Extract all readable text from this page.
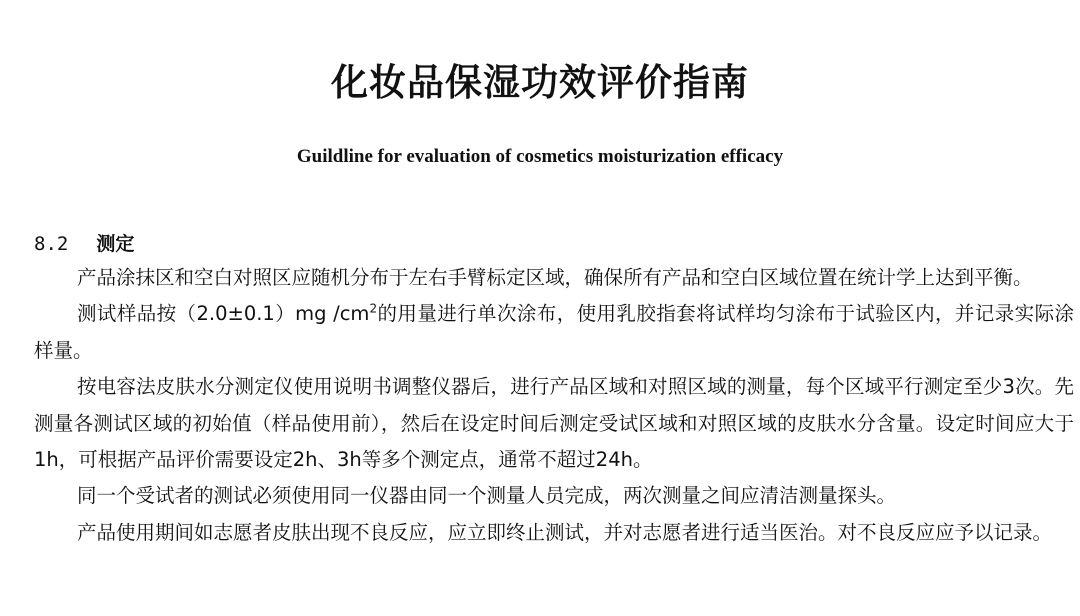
化妆品保湿功效评价指南
Guildline for evaluation of cosmetics moisturization efficacy
8.2 测定

产品涂抹区和空白对照区应随机分布于左右手臂标定区域，确保所有产品和空白区域位置在统计学上达到平衡。

测试样品按（2.0±0.1）mg $/cm^2$的用量进行单次涂布，使用乳胶指套将试样均匀涂布于试验区内，并记录实际涂样量。

按电容法皮肤水分测定仪使用说明书调整仪器后，进行产品区域和对照区域的测量，每个区域平行测定至少3次。先测量各测试区域的初始值（样品使用前），然后在设定时间后测定受试区域和对照区域的皮肤水分含量。设定时间应大于1h，可根据产品评价需要设定2h、3h等多个测定点，通常不超过24h。

同一个受试者的测试必须使用同一仪器由同一个测量人员完成，两次测量之间应清洁测量探头。

产品使用期间如志愿者皮肤出现不良反应，应立即终止测试，并对志愿者进行适当医治。对不良反应应予以记录。
